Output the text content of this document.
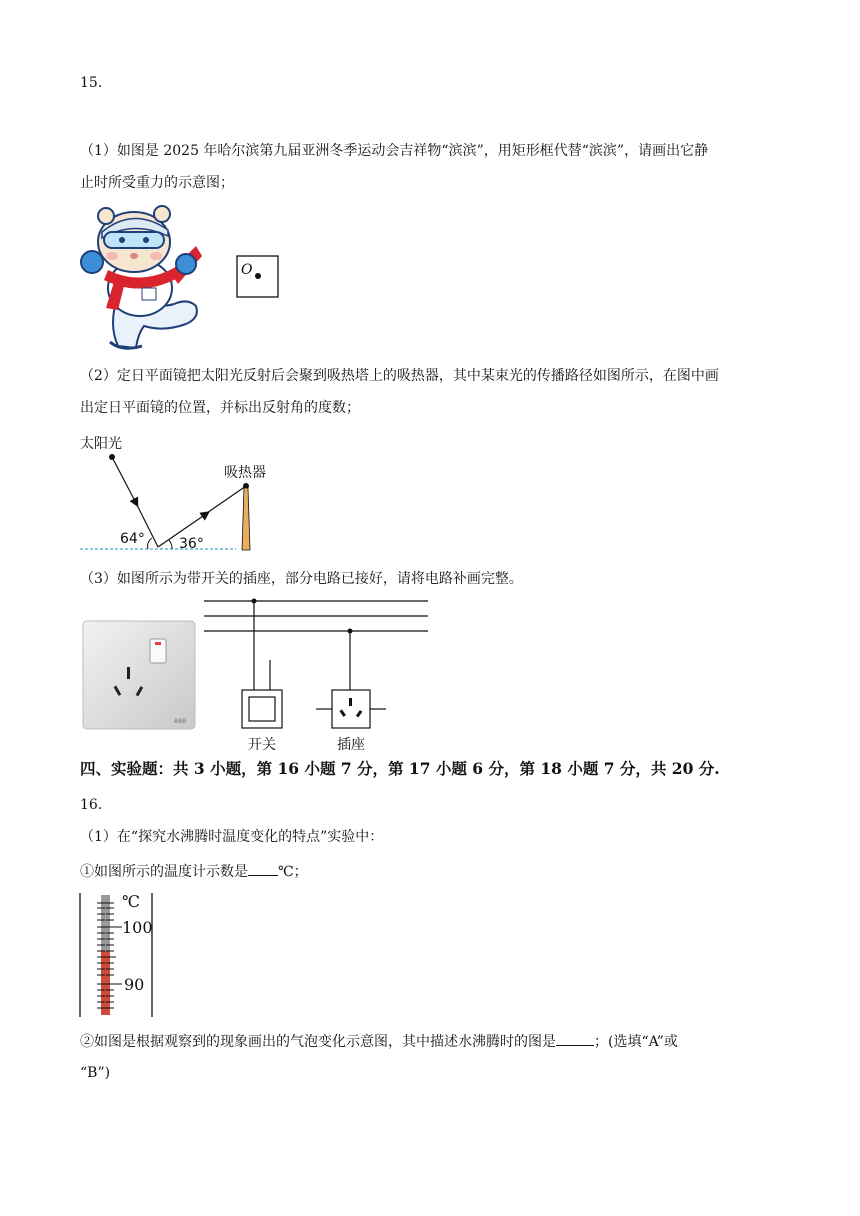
15.
（1）如图是 2025 年哈尔滨第九届亚洲冬季运动会吉祥物“滨滨”，用矩形框代替“滨滨”，请画出它静
止时所受重力的示意图；
O
（2）定日平面镜把太阳光反射后会聚到吸热塔上的吸热器，其中某束光的传播路径如图所示，在图中画
出定日平面镜的位置，并标出反射角的度数；
太阳光
吸热器
64° 36°
（3）如图所示为带开关的插座，部分电路已接好，请将电路补画完整。
ABB
开关	插座
四、实验题：共 3 小题，第 16 小题 7 分，第 17 小题 6 分，第 18 小题 7 分，共 20 分.
16.
（1）在“探究水沸腾时温度变化的特点”实验中：
①如图所示的温度计示数是 ℃；
℃
100
90
②如图是根据观察到的现象画出的气泡变化示意图，其中描述水沸腾时的图是	；(选填“A”或
“B”)
